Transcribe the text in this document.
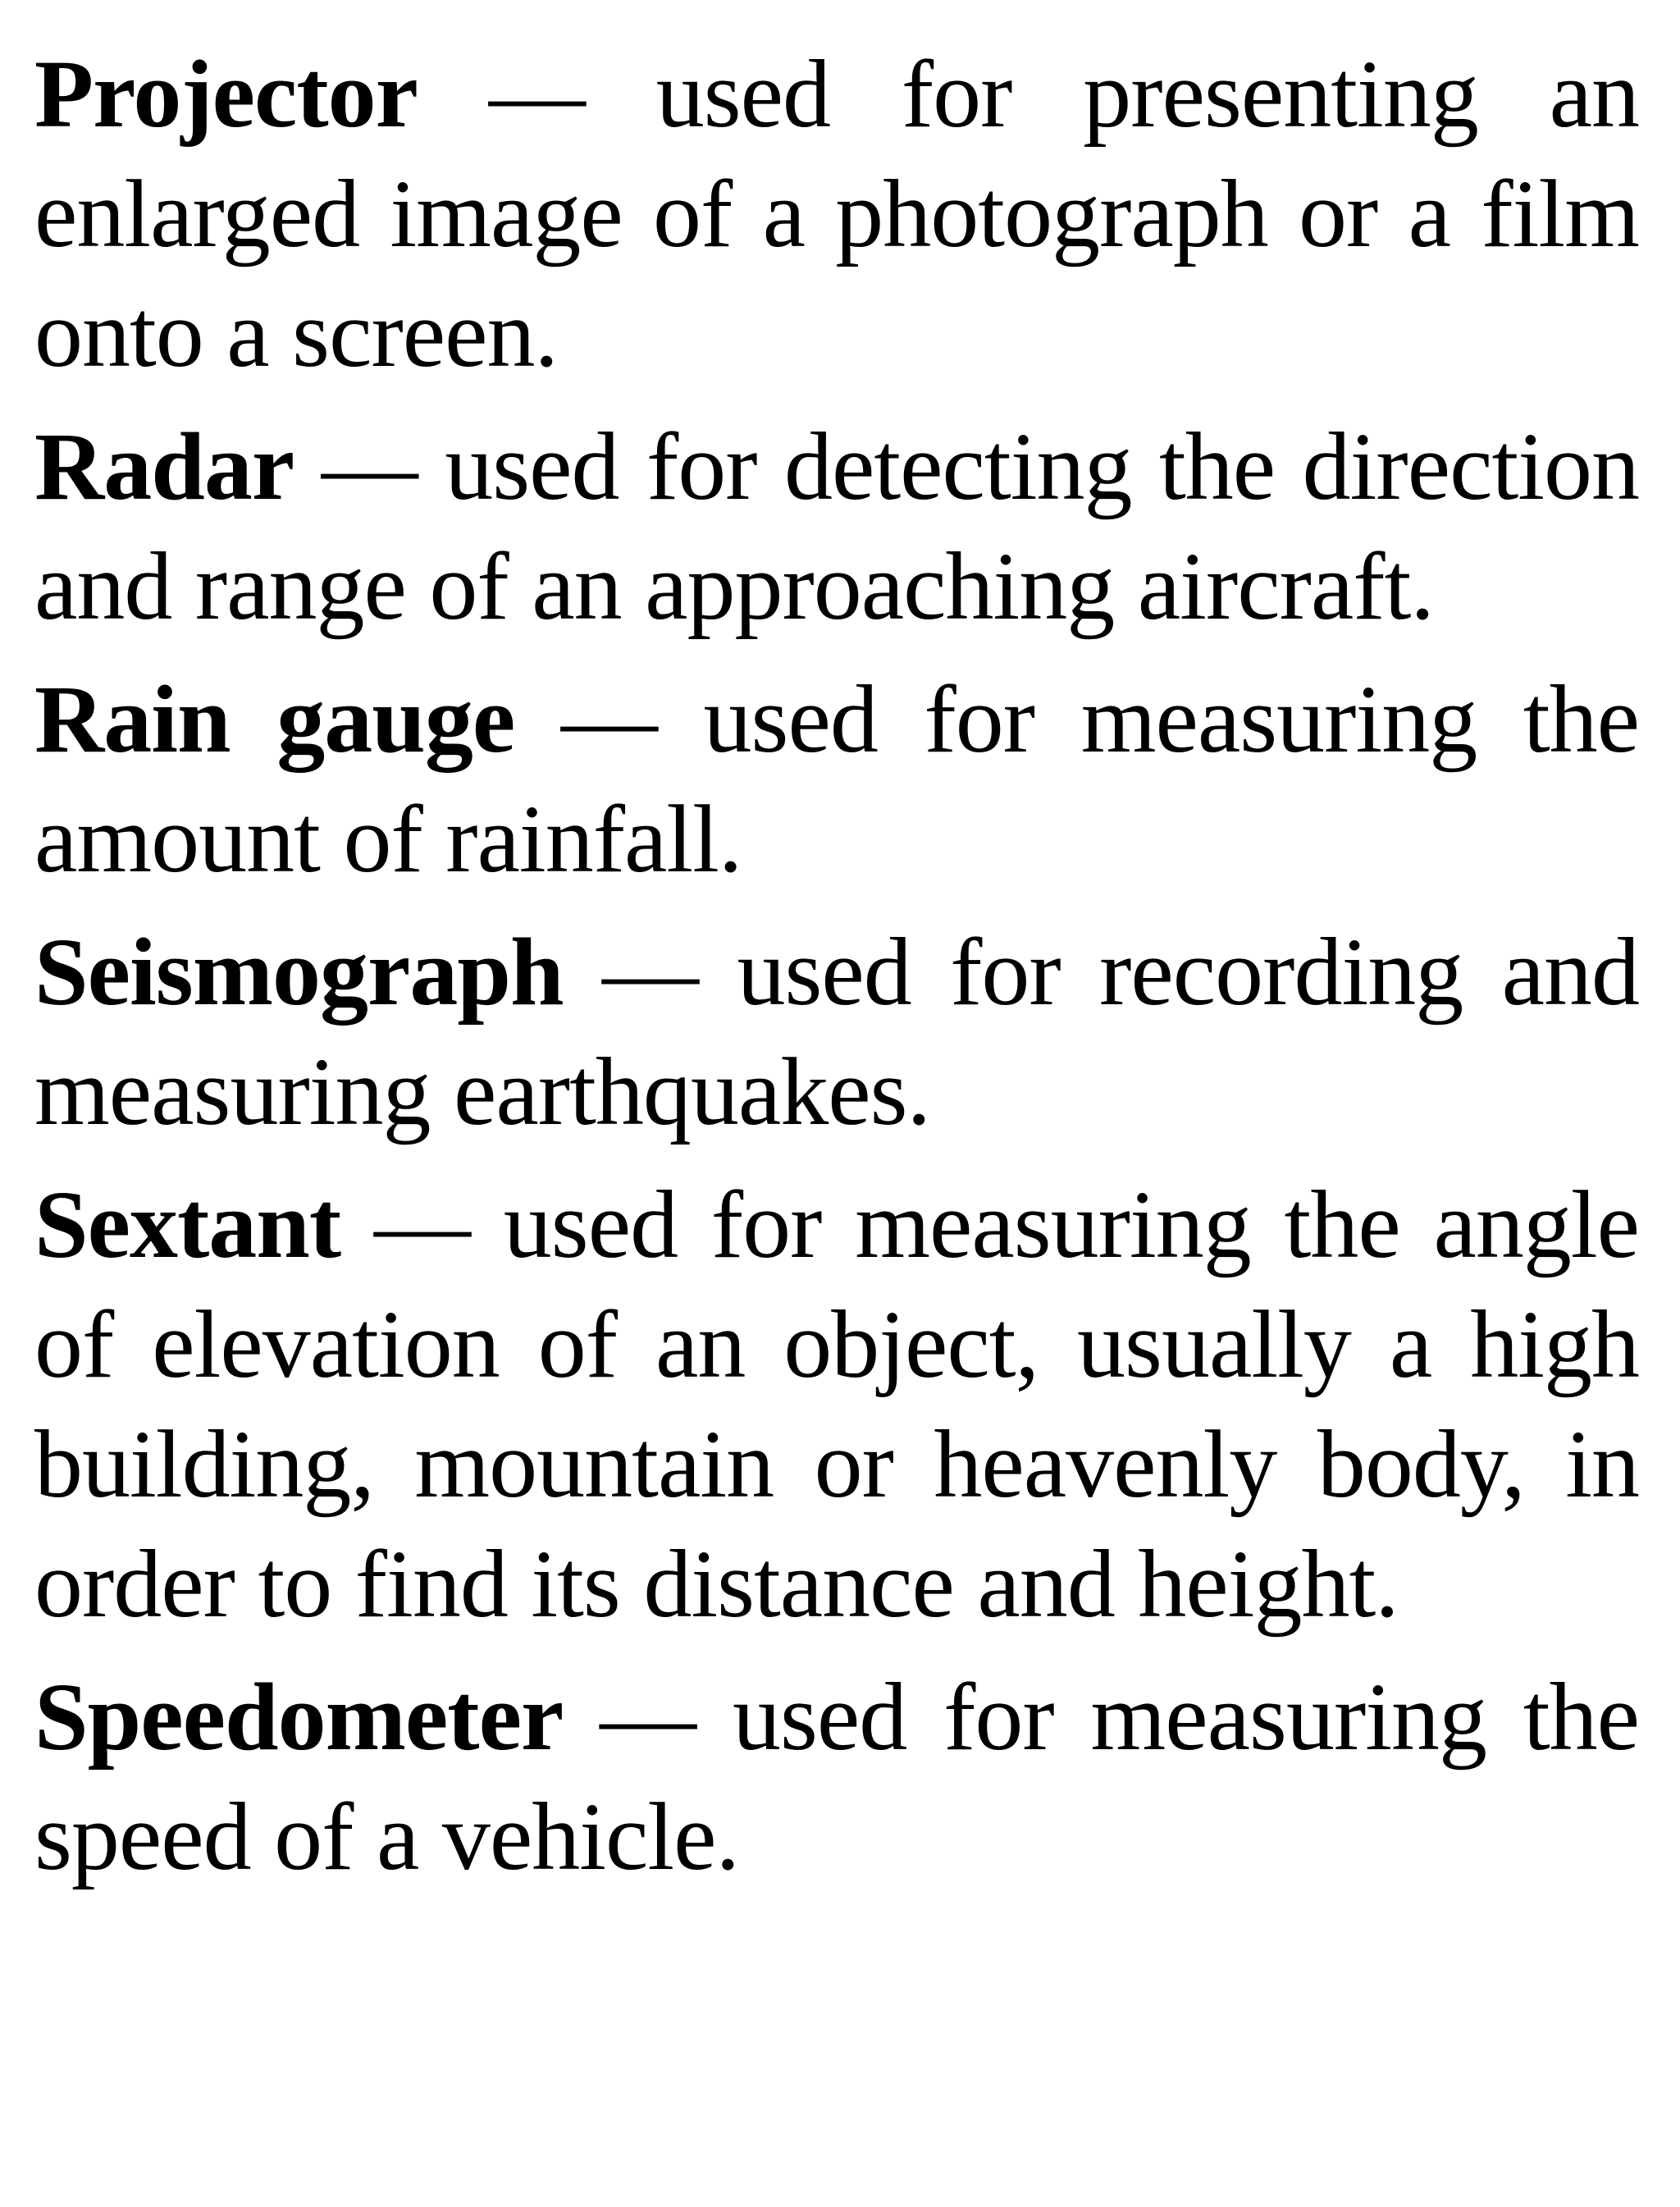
Projector — used for presenting an enlarged image of a photograph or a film onto a screen.

Radar — used for detecting the direction and range of an approaching aircraft.

Rain gauge — used for measuring the amount of rainfall.

Seismograph — used for recording and measuring earthquakes.

Sextant — used for measuring the angle of elevation of an object, usually a high building, mountain or heavenly body, in order to find its distance and height.

Speedometer — used for measuring the speed of a vehicle.
